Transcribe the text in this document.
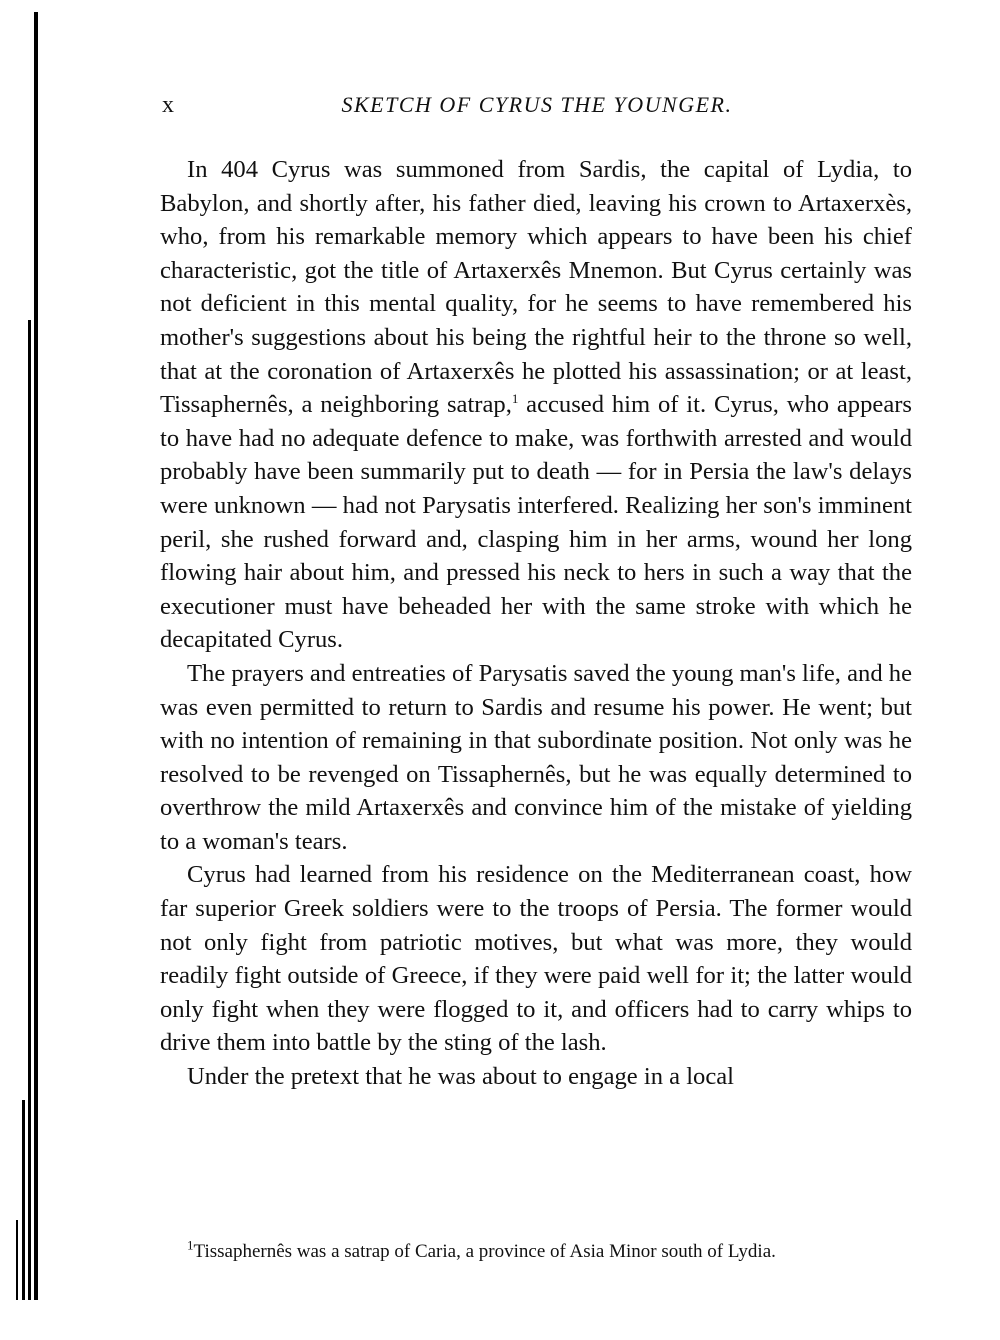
x	SKETCH OF CYRUS THE YOUNGER.

In 404 Cyrus was summoned from Sardis, the capital of Lydia, to Babylon, and shortly after, his father died, leaving his crown to Artaxerxès, who, from his remarkable memory which appears to have been his chief characteristic, got the title of Artaxerxês Mnemon. But Cyrus certainly was not deficient in this mental quality, for he seems to have remembered his mother's suggestions about his being the rightful heir to the throne so well, that at the coronation of Artaxerxês he plotted his assassination; or at least, Tissaphernês, a neighboring satrap,$^1$ accused him of it. Cyrus, who appears to have had no adequate defence to make, was forthwith arrested and would probably have been summarily put to death — for in Persia the law's delays were unknown — had not Parysatis interfered. Realizing her son's imminent peril, she rushed forward and, clasping him in her arms, wound her long flowing hair about him, and pressed his neck to hers in such a way that the executioner must have beheaded her with the same stroke with which he decapitated Cyrus.

The prayers and entreaties of Parysatis saved the young man's life, and he was even permitted to return to Sardis and resume his power. He went; but with no intention of remaining in that subordinate position. Not only was he resolved to be revenged on Tissaphernês, but he was equally determined to overthrow the mild Artaxerxês and convince him of the mistake of yielding to a woman's tears.

Cyrus had learned from his residence on the Mediterranean coast, how far superior Greek soldiers were to the troops of Persia. The former would not only fight from patriotic motives, but what was more, they would readily fight outside of Greece, if they were paid well for it; the latter would only fight when they were flogged to it, and officers had to carry whips to drive them into battle by the sting of the lash.

Under the pretext that he was about to engage in a local

$^1$Tissaphernês was a satrap of Caria, a province of Asia Minor south of Lydia.
